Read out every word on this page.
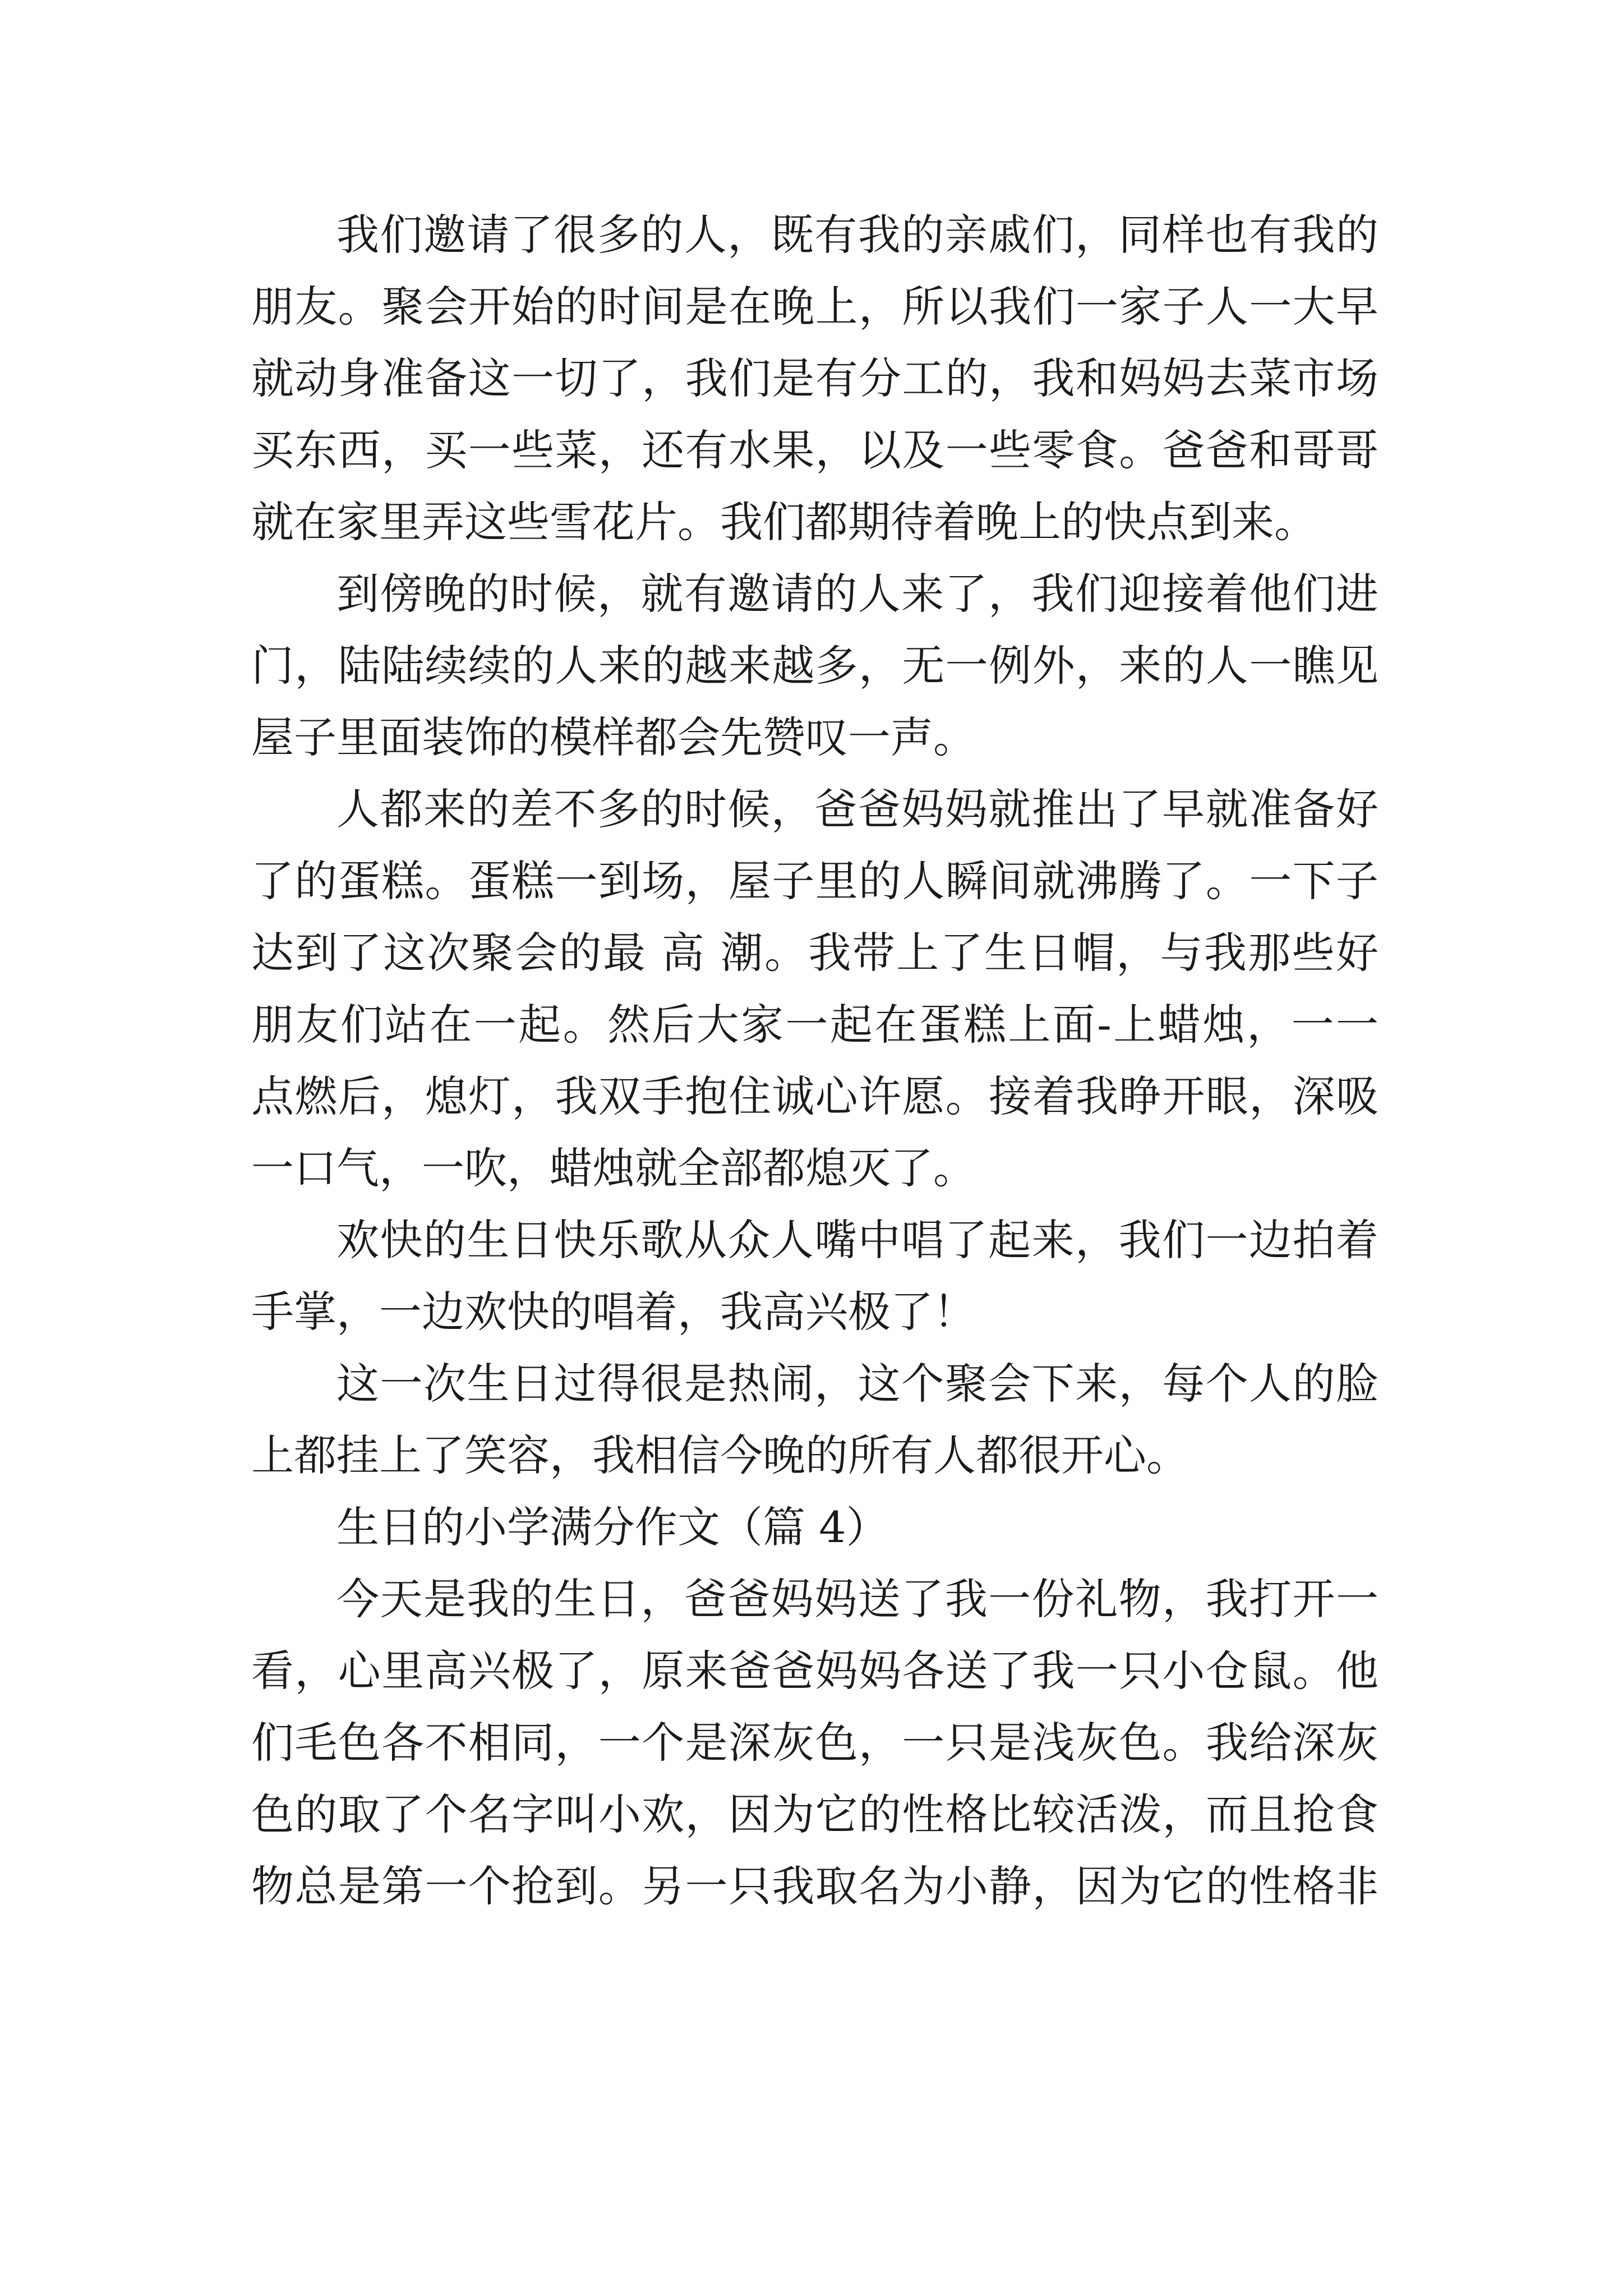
我们邀请了很多的人，既有我的亲戚们，同样也有我的
朋友。聚会开始的时间是在晚上，所以我们一家子人一大早
就动身准备这一切了，我们是有分工的，我和妈妈去菜市场
买东西，买一些菜，还有水果，以及一些零食。爸爸和哥哥
就在家里弄这些雪花片。我们都期待着晚上的快点到来。
到傍晚的时候，就有邀请的人来了，我们迎接着他们进
门，陆陆续续的人来的越来越多，无一例外，来的人一瞧见
屋子里面装饰的模样都会先赞叹一声。
人都来的差不多的时候，爸爸妈妈就推出了早就准备好
了的蛋糕。蛋糕一到场，屋子里的人瞬间就沸腾了。一下子
达到了这次聚会的最 高 潮。我带上了生日帽，与我那些好
朋友们站在一起。然后大家一起在蛋糕上面-上蜡烛，一一
点燃后，熄灯，我双手抱住诚心许愿。接着我睁开眼，深吸
一口气，一吹，蜡烛就全部都熄灭了。
欢快的生日快乐歌从众人嘴中唱了起来，我们一边拍着
手掌，一边欢快的唱着，我高兴极了！
这一次生日过得很是热闹，这个聚会下来，每个人的脸
上都挂上了笑容，我相信今晚的所有人都很开心。
生日的小学满分作文（篇 4）
今天是我的生日，爸爸妈妈送了我一份礼物，我打开一
看，心里高兴极了，原来爸爸妈妈各送了我一只小仓鼠。他
们毛色各不相同，一个是深灰色，一只是浅灰色。我给深灰
色的取了个名字叫小欢，因为它的性格比较活泼，而且抢食
物总是第一个抢到。另一只我取名为小静，因为它的性格非
